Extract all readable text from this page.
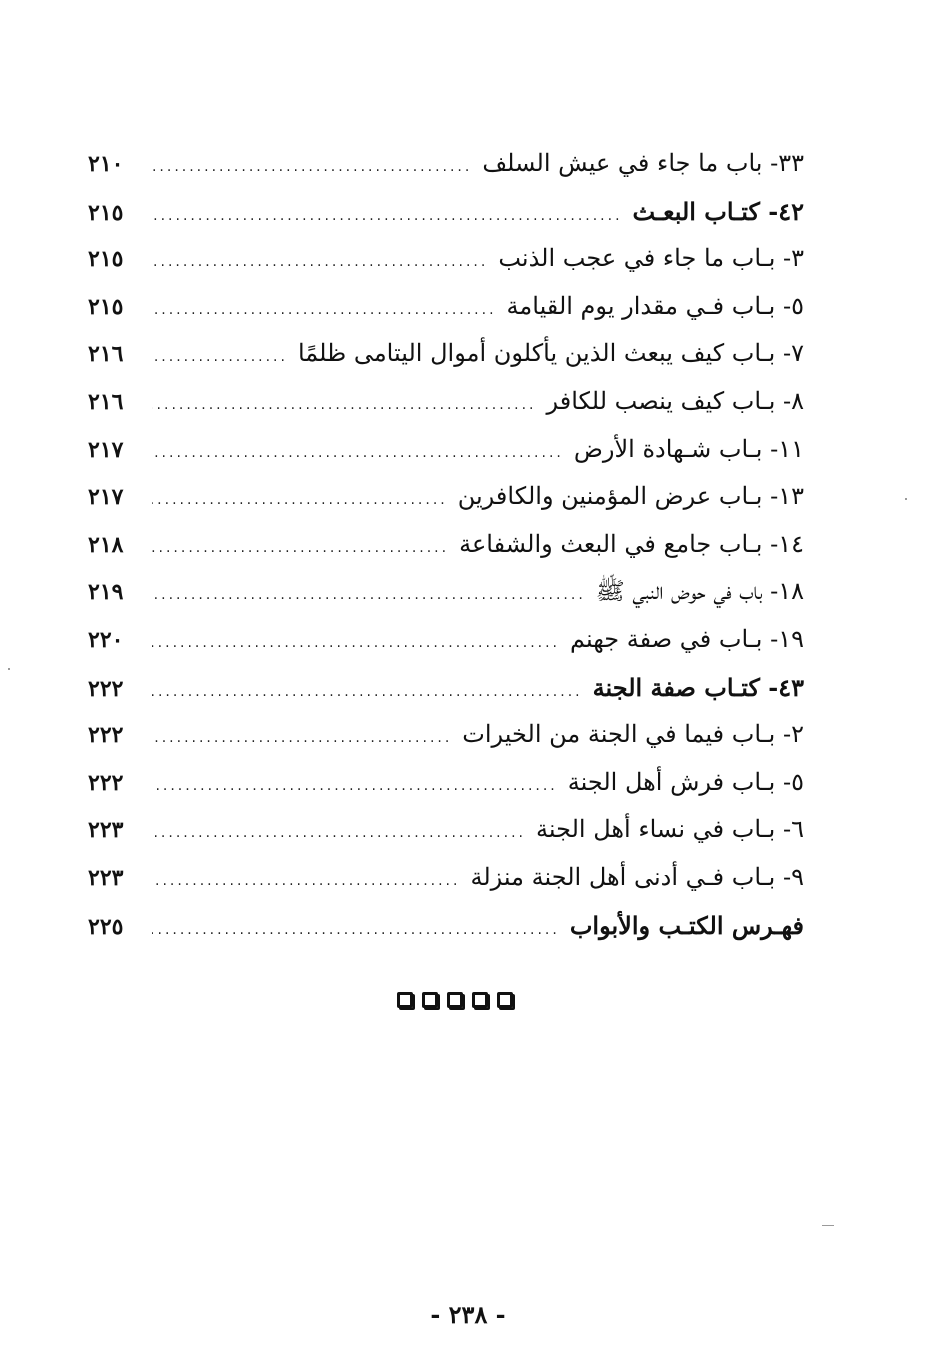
٣٣- باب ما جاء في عيش السلف
.....
٢١٠
٤٢- كتـاب البعـث
.....
٢١٥
٣- بـاب ما جاء في عجب الذنب
.....
٢١٥
٥- بـاب فـي مقدار يوم القيامة
.....
٢١٥
٧- بـاب كيف يبعث الذين يأكلون أموال اليتامى ظلمًا
.....
٢١٦
٨- بـاب كيف ينصب للكافر
.....
٢١٦
١١- بـاب شـهادة الأرض
.....
٢١٧
١٣- بـاب عرض المؤمنين والكافرين
.....
٢١٧
١٤- بـاب جامع في البعث والشفاعة
.....
٢١٨
١٨- باب في حوض النبي ﷺ
.....
٢١٩
١٩- بـاب في صفة جهنم
.....
٢٢٠
٤٣- كتـاب صفة الجنة
.....
٢٢٢
٢- بـاب فيما في الجنة من الخيرات
.....
٢٢٢
٥- بـاب فرش أهل الجنة
.....
٢٢٢
٦- بـاب في نساء أهل الجنة
.....
٢٢٣
٩- بـاب فـي أدنى أهل الجنة منزلة
.....
٢٢٣
فهـرس الكتـب والأبواب
.....
٢٢٥
- ٢٣٨ -
